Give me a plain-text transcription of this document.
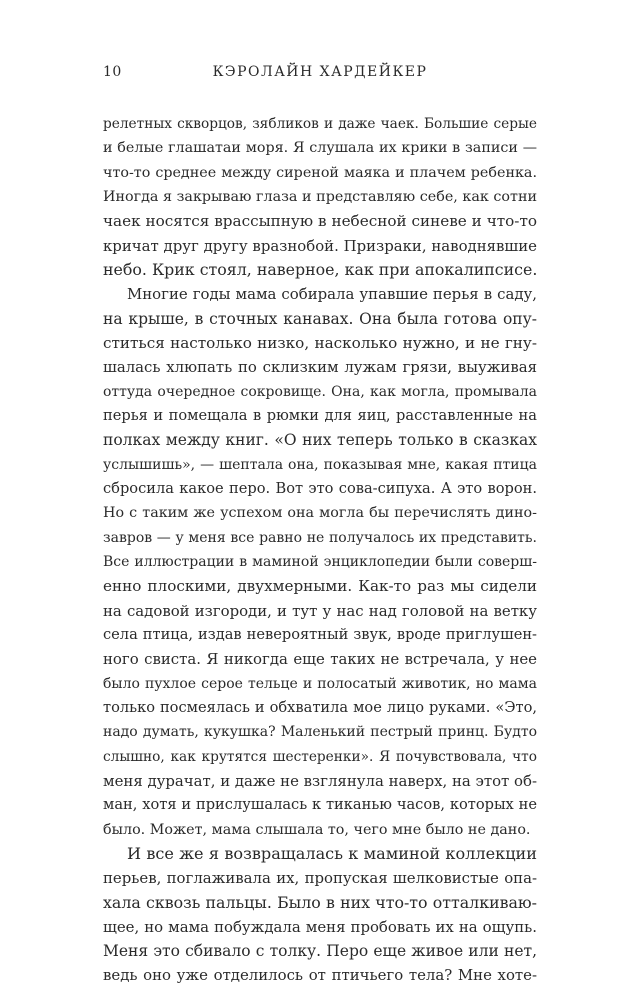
10	КЭРОЛАЙН ХАРДЕЙКЕР
релетных скворцов, зябликов и даже чаек. Большие серые
и белые глашатаи моря. Я слушала их крики в записи —
что-то среднее между сиреной маяка и плачем ребенка.
Иногда я закрываю глаза и представляю себе, как сотни
чаек носятся врассыпную в небесной синеве и что-то
кричат друг другу вразнобой. Призраки, наводнявшие
небо. Крик стоял, наверное, как при апокалипсисе.
Многие годы мама собирала упавшие перья в саду,
на крыше, в сточных канавах. Она была готова опу-
ститься настолько низко, насколько нужно, и не гну-
шалась хлюпать по склизким лужам грязи, выуживая
оттуда очередное сокровище. Она, как могла, промывала
перья и помещала в рюмки для яиц, расставленные на
полках между книг. «О них теперь только в сказках
услышишь», — шептала она, показывая мне, какая птица
сбросила какое перо. Вот это сова-сипуха. А это ворон.
Но с таким же успехом она могла бы перечислять дино-
завров — у меня все равно не получалось их представить.
Все иллюстрации в маминой энциклопедии были соверш-
енно плоскими, двухмерными. Как-то раз мы сидели
на садовой изгороди, и тут у нас над головой на ветку
села птица, издав невероятный звук, вроде приглушен-
ного свиста. Я никогда еще таких не встречала, у нее
было пухлое серое тельце и полосатый животик, но мама
только посмеялась и обхватила мое лицо руками. «Это,
надо думать, кукушка? Маленький пестрый принц. Будто
слышно, как крутятся шестеренки». Я почувствовала, что
меня дурачат, и даже не взглянула наверх, на этот об-
ман, хотя и прислушалась к тиканью часов, которых не
было. Может, мама слышала то, чего мне было не дано.
И все же я возвращалась к маминой коллекции
перьев, поглаживала их, пропуская шелковистые опа-
хала сквозь пальцы. Было в них что-то отталкиваю-
щее, но мама побуждала меня пробовать их на ощупь.
Меня это сбивало с толку. Перо еще живое или нет,
ведь оно уже отделилось от птичьего тела? Мне хоте-
